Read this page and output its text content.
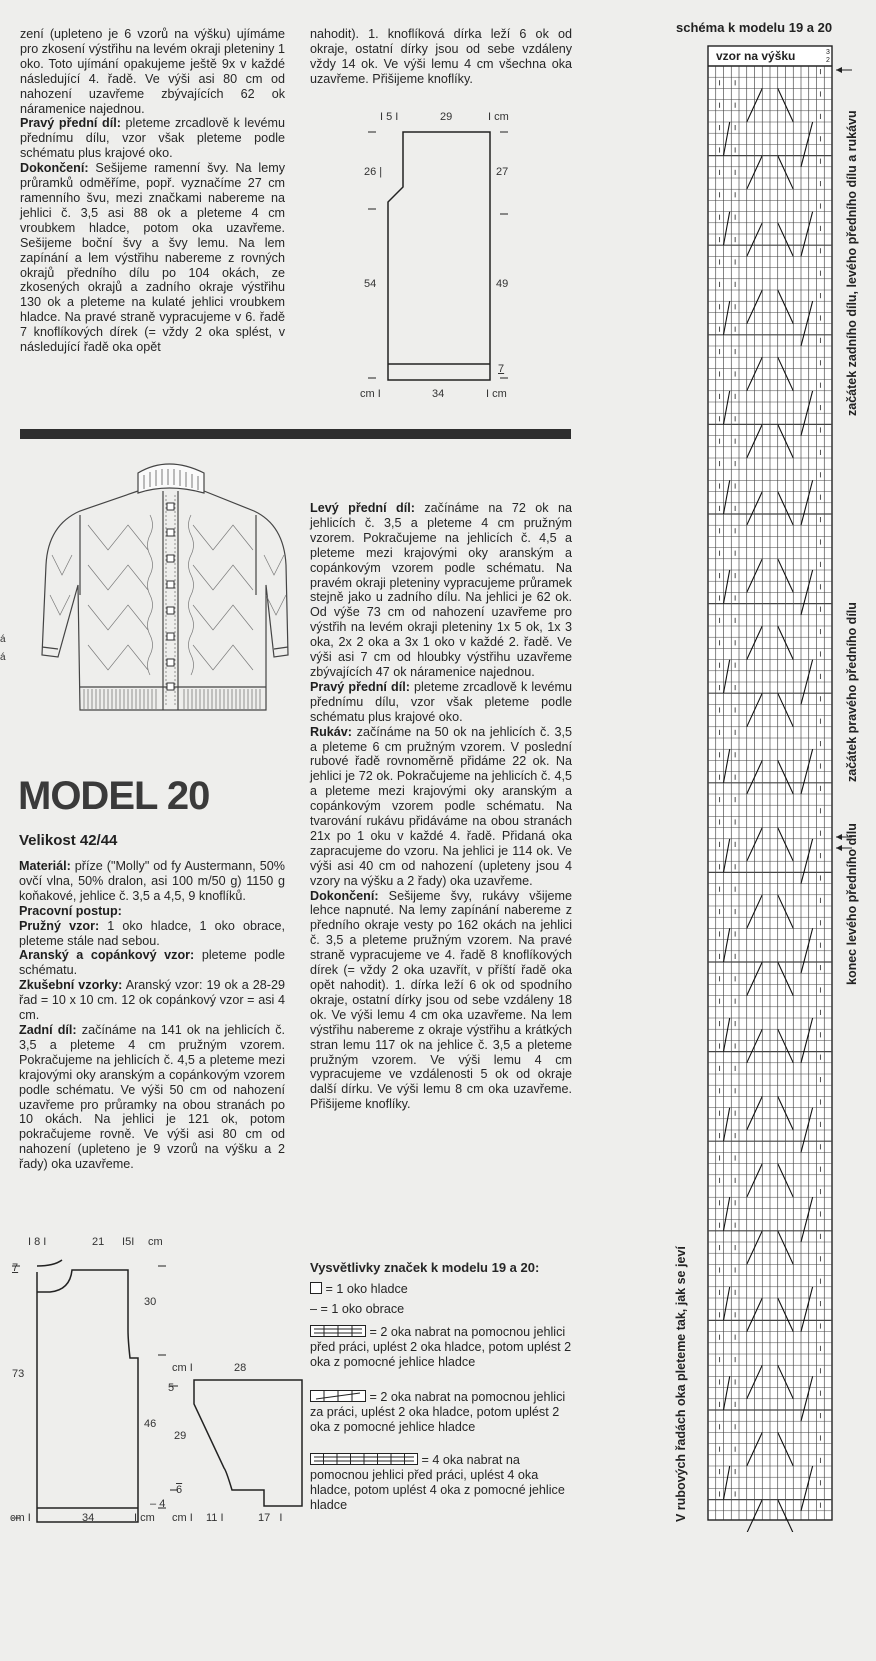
zení (upleteno je 6 vzorů na výšku) ujímáme pro zkosení výstřihu na levém okraji pleteniny 1 oko. Toto ujímání opakujeme ještě 9x v každé následující 4. řadě. Ve výši asi 80 cm od nahození uzavřeme zbývajících 62 ok náramenice najednou.

Pravý přední díl: pleteme zrcadlově k levému přednímu dílu, vzor však pleteme podle schématu plus krajové oko.

Dokončení: Sešijeme ramenní švy. Na lemy průramků odměříme, popř. vyznačíme 27 cm ramenního švu, mezi značkami nabereme na jehlici č. 3,5 asi 88 ok a pleteme 4 cm vroubkem hladce, potom oka uzavřeme. Sešijeme boční švy a švy lemu. Na lem zapínání a lem výstřihu nabereme z rovných okrajů předního dílu po 104 okách, ze zkosených okrajů a zadního okraje výstřihu 130 ok a pleteme na kulaté jehlici vroubkem hladce. Na pravé straně vypracujeme v 6. řadě 7 knoflíkových dírek (= vždy 2 oka splést, v následující řadě oka opět

nahodit). 1. knoflíková dírka leží 6 ok od okraje, ostatní dírky jsou od sebe vzdáleny vždy 14 ok. Ve výši lemu 4 cm všechna oka uzavřeme. Přišijeme knoflíky.

á
á
I 5 I	29	I cm
26 |
54
27
49
7
cm I	34	I cm
MODEL 20
Velikost 42/44

Materiál: příze ("Molly" od fy Austermann, 50% ovčí vlna, 50% dralon, asi 100 m/50 g) 1150 g koňakové, jehlice č. 3,5 a 4,5, 9 knoflíků.

Pracovní postup:

Pružný vzor: 1 oko hladce, 1 oko obrace, pleteme stále nad sebou.

Aranský a copánkový vzor: pleteme podle schématu.

Zkušební vzorky: Aranský vzor: 19 ok a 28-29 řad = 10 x 10 cm. 12 ok copánkový vzor = asi 4 cm.

Zadní díl: začínáme na 141 ok na jehlicích č. 3,5 a pleteme 4 cm pružným vzorem. Pokračujeme na jehlicích č. 4,5 a pleteme mezi krajovými oky aranským a copánkovým vzorem podle schématu. Ve výši 50 cm od nahození uzavřeme pro průramky na obou stranách po 10 okách. Na jehlici je 121 ok, potom pokračujeme rovně. Ve výši asi 80 cm od nahození (upleteno je 9 vzorů na výšku a 2 řady) oka uzavřeme.

Levý přední díl: začínáme na 72 ok na jehlicích č. 3,5 a pleteme 4 cm pružným vzorem. Pokračujeme na jehlicích č. 4,5 a pleteme mezi krajovými oky aranským a copánkovým vzorem podle schématu. Na pravém okraji pleteniny vypracujeme průramek stejně jako u zadního dílu. Na jehlici je 62 ok. Od výše 73 cm od nahození uzavřeme pro výstřih na levém okraji pleteniny 1x 5 ok, 1x 3 oka, 2x 2 oka a 3x 1 oko v každé 2. řadě. Ve výši asi 7 cm od hloubky výstřihu uzavřeme zbývajících 47 ok náramenice najednou.

Pravý přední díl: pleteme zrcadlově k levému přednímu dílu, vzor však pleteme podle schématu plus krajové oko.

Rukáv: začínáme na 50 ok na jehlicích č. 3,5 a pleteme 6 cm pružným vzorem. V poslední rubové řadě rovnoměrně přidáme 22 ok. Na jehlici je 72 ok. Pokračujeme na jehlicích č. 4,5 a pleteme mezi krajovými oky aranským a copánkovým vzorem podle schématu. Na tvarování rukávu přidáváme na obou stranách 21x po 1 oku v každé 4. řadě. Přidaná oka zapracujeme do vzoru. Na jehlici je 114 ok. Ve výši asi 40 cm od nahození (upleteny jsou 4 vzory na výšku a 2 řady) oka uzavřeme.

Dokončení: Sešijeme švy, rukávy všijeme lehce napnuté. Na lemy zapínání nabereme z předního okraje vesty po 162 okách na jehlici č. 3,5 a pleteme pružným vzorem. Na pravé straně vypracujeme ve 4. řadě 8 knoflíkových dírek (= vždy 2 oka uzavřít, v příští řadě oka opět nahodit). 1. dírka leží 6 ok od spodního okraje, ostatní dírky jsou od sebe vzdáleny 18 ok. Ve výši lemu 4 cm oka uzavřeme. Na lem výstřihu nabereme z okraje výstřihu a krátkých stran lemu 117 ok na jehlice č. 3,5 a pleteme pružným vzorem. Ve výši lemu 4 cm vypracujeme ve vzdálenosti 5 ok od okraje další dírku. Ve výši lemu 8 cm oka uzavřeme. Přišijeme knoflíky.

Vysvětlivky značek k modelu 19 a 20:
= 1 oko hladce
– = 1 oko obrace
= 2 oka nabrat na pomocnou jehlici před práci, uplést 2 oka hladce, potom uplést 2 oka z pomocné jehlice hladce
= 2 oka nabrat na pomocnou jehlici za práci, uplést 2 oka hladce, potom uplést 2 oka z pomocné jehlice hladce
= 4 oka nabrat na pomocnou jehlici před práci, uplést 4 oka hladce, potom uplést 4 oka z pomocné jehlice hladce
I 8 I	21 I5I cm
7
73
30
46
– 4
cm I	34	I cm
cm I	28
5
29
6
cm I 11 I	17   I
schéma k modelu 19 a 20
vzor na výšku	3
2
začátek zadního dílu, levého předního dílu a rukávu
začátek pravého předního dílu
konec levého předního dílu
V rubových řadách oka pleteme tak, jak se jeví
